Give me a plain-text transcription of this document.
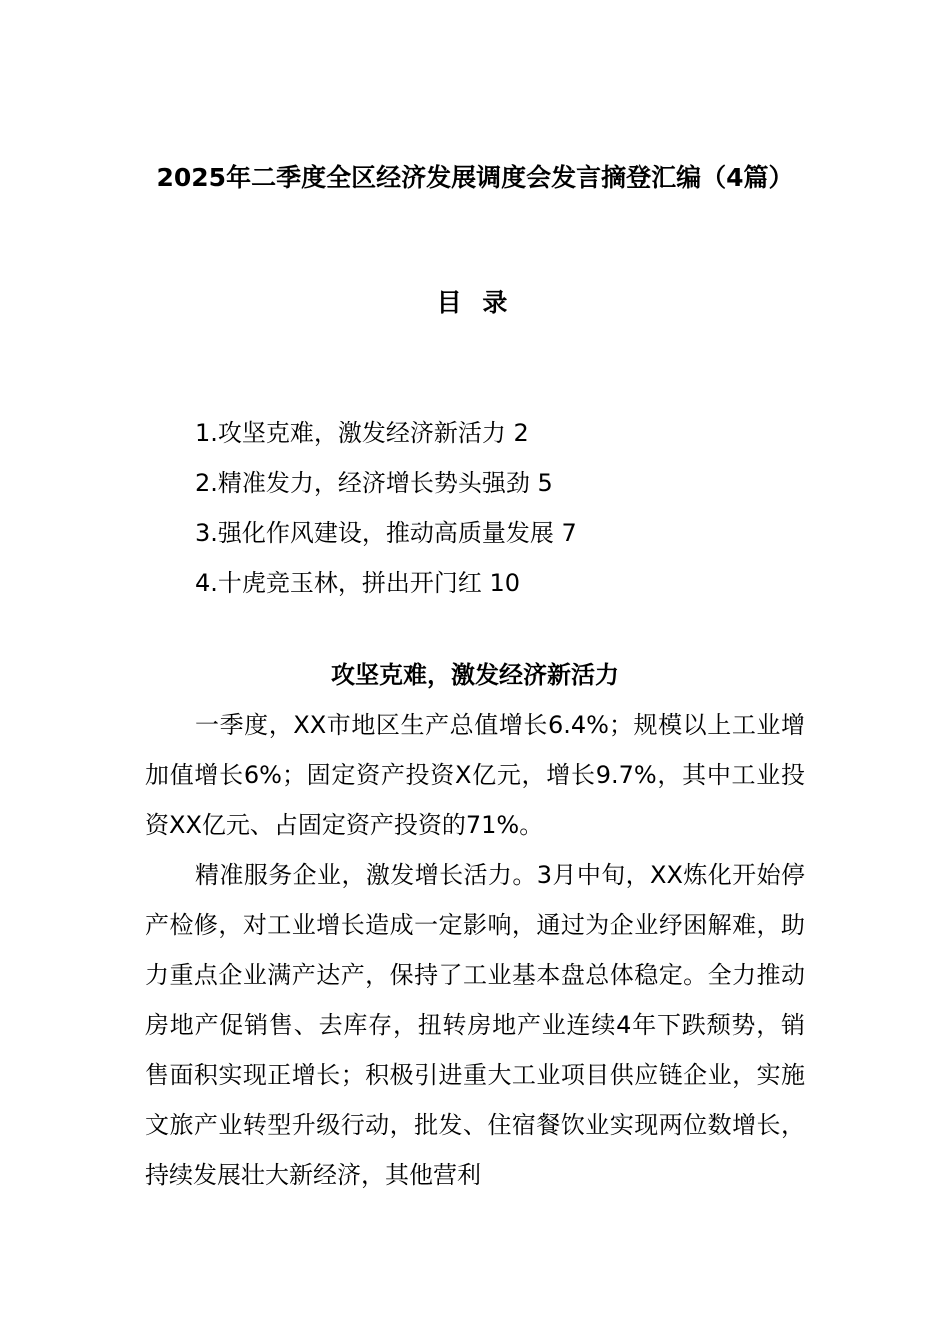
2025年二季度全区经济发展调度会发言摘登汇编（4篇）
目 录
1.攻坚克难，激发经济新活力 2
2.精准发力，经济增长势头强劲 5
3.强化作风建设，推动高质量发展 7
4.十虎竞玉林，拼出开门红 10
攻坚克难，激发经济新活力

一季度，XX市地区生产总值增长6.4%；规模以上工业增加值增长6%；固定资产投资X亿元，增长9.7%，其中工业投资XX亿元、占固定资产投资的71%。

精准服务企业，激发增长活力。3月中旬，XX炼化开始停产检修，对工业增长造成一定影响，通过为企业纾困解难，助力重点企业满产达产，保持了工业基本盘总体稳定。全力推动房地产促销售、去库存，扭转房地产业连续4年下跌颓势，销售面积实现正增长；积极引进重大工业项目供应链企业，实施文旅产业转型升级行动，批发、住宿餐饮业实现两位数增长，持续发展壮大新经济，其他营利
